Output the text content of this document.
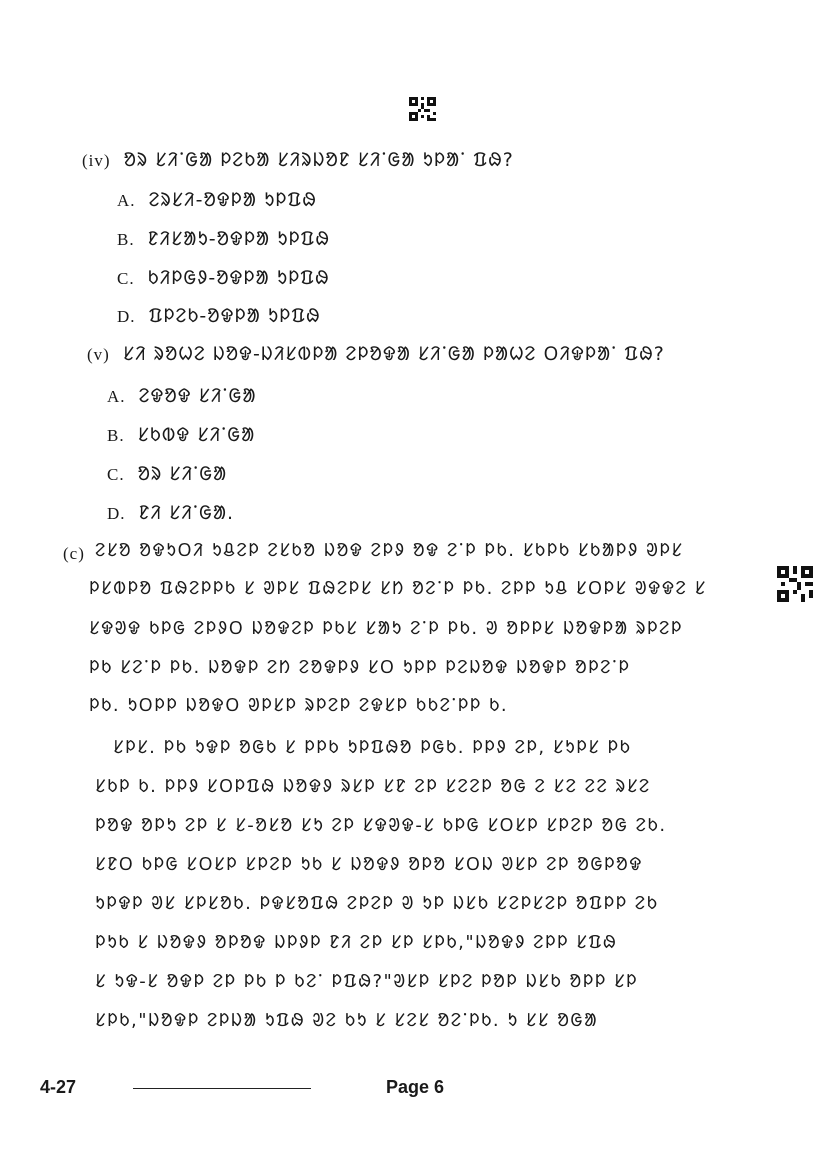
(iv) ᱚᱨ ᱥᱤᱸᱜᱟ ᱞᱮᱠᱟ ᱥᱤᱨᱡᱚᱱ ᱥᱤᱸᱜᱟ ᱩᱞᱟᱸ ᱯᱷ?
A. ᱮᱨᱥᱤ-ᱚᱫᱞᱟ ᱩᱞᱯᱷ
B. ᱱᱤᱥᱟᱩ-ᱚᱫᱞᱟ ᱩᱞᱯᱷ
C. ᱠᱤᱞᱜᱽ-ᱚᱫᱞᱟ ᱩᱞᱯᱷ
D. ᱯᱞᱮᱠ-ᱚᱫᱞᱟ ᱩᱞᱯᱷ
(v) ᱥᱤ ᱨᱚᱦᱮ ᱡᱚᱫ-ᱡᱤᱥᱵᱞᱟ ᱮᱞᱚᱫᱟ ᱥᱤᱸᱜᱟ ᱞᱟᱦᱮ ᱛᱤᱫᱞᱟᱸ ᱯᱷ?
A. ᱮᱫᱚᱫ ᱥᱤᱸᱜᱟ
B. ᱥᱠᱵᱫ ᱥᱤᱸᱜᱟ
C. ᱚᱨ ᱥᱤᱸᱜᱟ
D. ᱱᱤ ᱥᱤᱸᱜᱟ.
(c) ᱮᱥᱚ ᱚᱫᱩᱛᱤ ᱩᱪᱮᱞ ᱮᱥᱠᱚ ᱡᱚᱫ ᱮᱞᱽ ᱚᱫ ᱮᱸᱞ ᱞᱠ. ᱥᱠᱞᱠ ᱥᱠᱟᱞᱽ ᱣᱞᱥ
ᱞᱥᱵᱞᱚ ᱯᱷᱮᱞᱞᱠ ᱥ ᱣᱞᱥ ᱯᱷᱮᱞᱥ ᱥᱴ ᱚᱮᱸᱞ ᱞᱠ. ᱮᱞᱞ ᱩᱪ ᱥᱛᱞᱥ ᱣᱫᱫᱮ ᱥ
ᱥᱫᱣᱫ ᱠᱞᱜ ᱮᱞᱽᱛ ᱡᱚᱫᱮᱞ ᱞᱠᱥ ᱥᱟᱩ ᱮᱸᱞ ᱞᱠ. ᱣ ᱚᱞᱞᱥ ᱡᱚᱫᱞᱟ ᱨᱞᱮᱞ
ᱞᱠ ᱥᱮᱸᱞ ᱞᱠ. ᱡᱚᱫᱞ ᱮᱴ ᱮᱚᱫᱞᱽ ᱥᱛ ᱩᱞᱞ ᱞᱮᱡᱚᱫ ᱡᱚᱫᱞ ᱚᱞᱮᱸᱞ
ᱞᱠ. ᱩᱛᱞᱞ ᱡᱚᱫᱛ ᱣᱞᱥᱞ ᱨᱞᱮᱞ ᱮᱫᱥᱞ ᱠᱠᱮᱸᱞᱞ ᱠ.
ᱥᱞᱥ. ᱞᱠ ᱩᱫᱞ ᱚᱜᱠ ᱥ ᱞᱞᱠ ᱩᱞᱯᱷᱚ ᱞᱜᱠ. ᱞᱞᱽ ᱮᱞ, ᱥᱩᱞᱥ ᱞᱠ
ᱥᱠᱞ ᱠ. ᱞᱞᱽ ᱥᱛᱞᱯᱷ ᱡᱚᱫᱽ ᱨᱥᱞ ᱥᱱ ᱮᱞ ᱥᱮᱮᱞ ᱚᱜ ᱮ ᱥᱮ ᱮᱮ ᱨᱥᱮ
ᱞᱚᱫ ᱚᱞᱩ ᱮᱞ ᱥ ᱥ-ᱚᱥᱚ ᱥᱩ ᱮᱞ ᱥᱫᱣᱫ-ᱥ ᱠᱞᱜ ᱥᱛᱥᱞ ᱥᱞᱮᱞ ᱚᱜ ᱮᱠ.
ᱥᱱᱛ ᱠᱞᱜ ᱥᱛᱥᱞ ᱥᱞᱮᱞ ᱩᱠ ᱥ ᱡᱚᱫᱽ ᱚᱞᱚ ᱥᱛᱡ ᱣᱥᱞ ᱮᱞ ᱚᱜᱞᱚᱫ
ᱩᱞᱫᱞ ᱣᱥ ᱥᱞᱥᱚᱠ. ᱞᱫᱥᱚᱯᱷ ᱮᱞᱮᱞ ᱣ ᱩᱞ ᱡᱥᱠ ᱥᱮᱞᱥᱮᱞ ᱚᱯᱞᱞ ᱮᱠ
ᱞᱩᱠ ᱥ ᱡᱚᱫᱽ ᱚᱞᱚᱫ ᱡᱞᱽᱞ ᱱᱤ ᱮᱞ ᱥᱞ ᱥᱞᱠ,"ᱡᱚᱫᱽ ᱮᱞᱞ ᱥᱯᱷ
ᱥ ᱩᱫ-ᱥ ᱚᱫᱞ ᱮᱞ ᱞᱠ ᱞ ᱠᱮᱸ ᱞᱯᱷ?"ᱣᱥᱞ ᱥᱞᱮ ᱞᱚᱞ ᱡᱥᱠ ᱚᱞᱞ ᱥᱞ
ᱥᱞᱠ,"ᱡᱚᱫᱞ ᱮᱞᱡᱟ ᱩᱯᱷ ᱣᱮ ᱠᱩ ᱥ ᱥᱮᱥ ᱚᱮᱸᱞᱠ. ᱩ ᱥᱥ ᱚᱜᱟ
4-27	Page 6
